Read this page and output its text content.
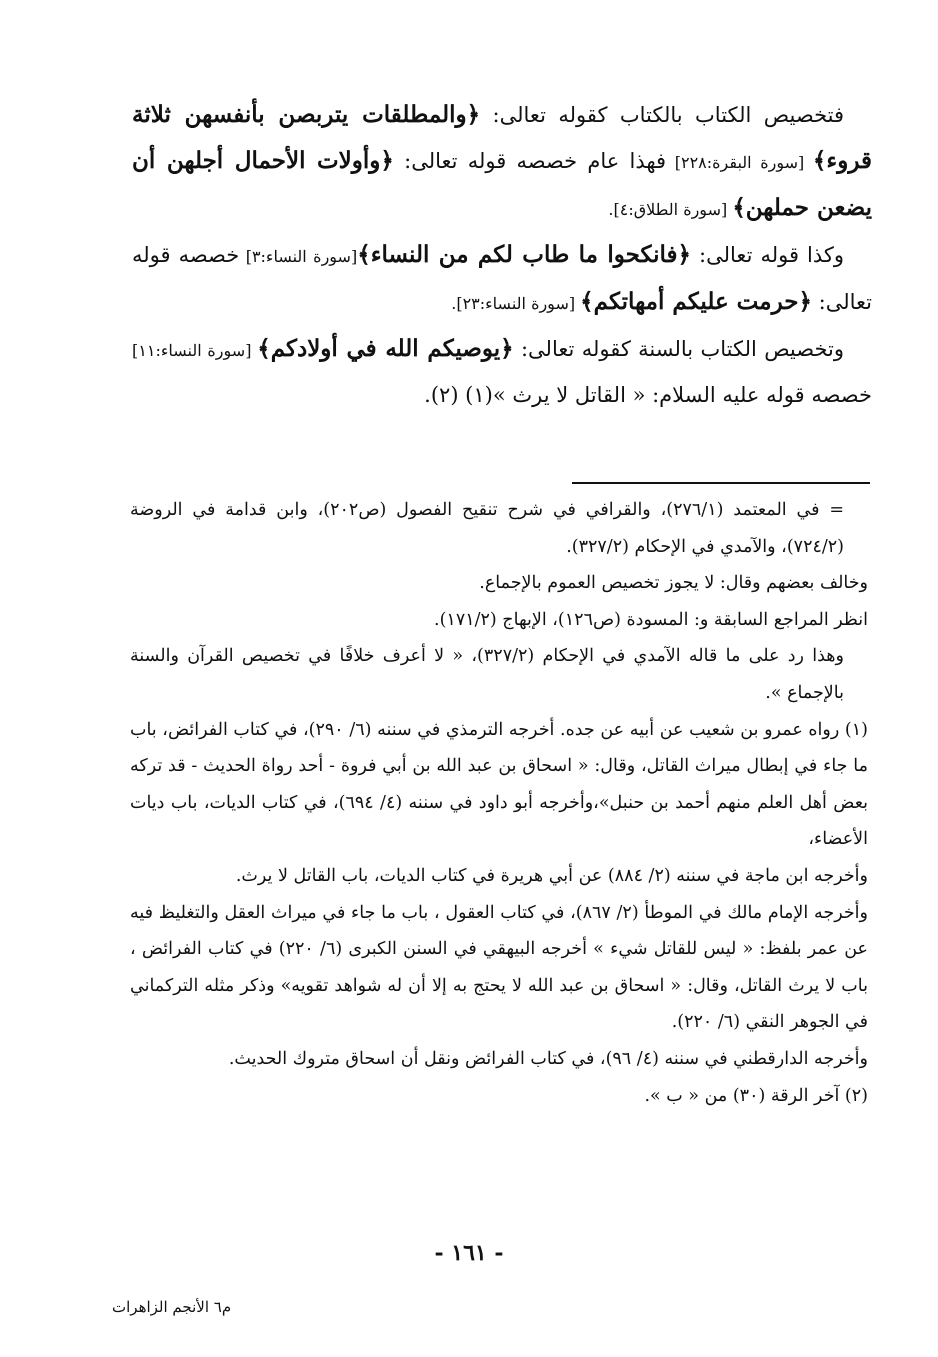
فتخصيص الكتاب بالكتاب كقوله تعالى: ﴿والمطلقات يتربصن بأنفسهن ثلاثة قروء﴾ [سورة البقرة:٢٢٨] فهذا عام خصصه قوله تعالى: ﴿وأولات الأحمال أجلهن أن يضعن حملهن﴾ [سورة الطلاق:٤].

وكذا قوله تعالى: ﴿فانكحوا ما طاب لكم من النساء﴾[سورة النساء:٣] خصصه قوله تعالى: ﴿حرمت عليكم أمهاتكم﴾ [سورة النساء:٢٣].

وتخصيص الكتاب بالسنة كقوله تعالى: ﴿يوصيكم الله في أولادكم﴾ [سورة النساء:١١] خصصه قوله عليه السلام: « القاتل لا يرث »(١) (٢).

= في المعتمد (٢٧٦/١)، والقرافي في شرح تنقيح الفصول (ص٢٠٢)، وابن قدامة في الروضة (٧٢٤/٢)، والآمدي في الإحكام (٣٢٧/٢).

وخالف بعضهم وقال: لا يجوز تخصيص العموم بالإجماع.

انظر المراجع السابقة و: المسودة (ص١٢٦)، الإبهاج (١٧١/٢).

وهذا رد على ما قاله الآمدي في الإحكام (٣٢٧/٢)، « لا أعرف خلافًا في تخصيص القرآن والسنة بالإجماع ».

(١) رواه عمرو بن شعيب عن أبيه عن جده. أخرجه الترمذي في سننه (٦/ ٢٩٠)، في كتاب الفرائض، باب ما جاء في إبطال ميراث القاتل، وقال: « اسحاق بن عبد الله بن أبي فروة - أحد رواة الحديث - قد تركه بعض أهل العلم منهم أحمد بن حنبل»،وأخرجه أبو داود في سننه (٤/ ٦٩٤)، في كتاب الديات، باب ديات الأعضاء،

وأخرجه ابن ماجة في سننه (٢/ ٨٨٤) عن أبي هريرة في كتاب الديات، باب القاتل لا يرث.

وأخرجه الإمام مالك في الموطأ (٢/ ٨٦٧)، في كتاب العقول ، باب ما جاء في ميراث العقل والتغليظ فيه عن عمر بلفظ: « ليس للقاتل شيء » أخرجه البيهقي في السنن الكبرى (٦/ ٢٢٠) في كتاب الفرائض ، باب لا يرث القاتل، وقال: « اسحاق بن عبد الله لا يحتج به إلا أن له شواهد تقويه» وذكر مثله التركماني في الجوهر النقي (٦/ ٢٢٠).

وأخرجه الدارقطني في سننه (٤/ ٩٦)، في كتاب الفرائض ونقل أن اسحاق متروك الحديث.

(٢) آخر الرقة (٣٠) من « ب ».

- ١٦١ -
م٦ الأنجم الزاهرات
